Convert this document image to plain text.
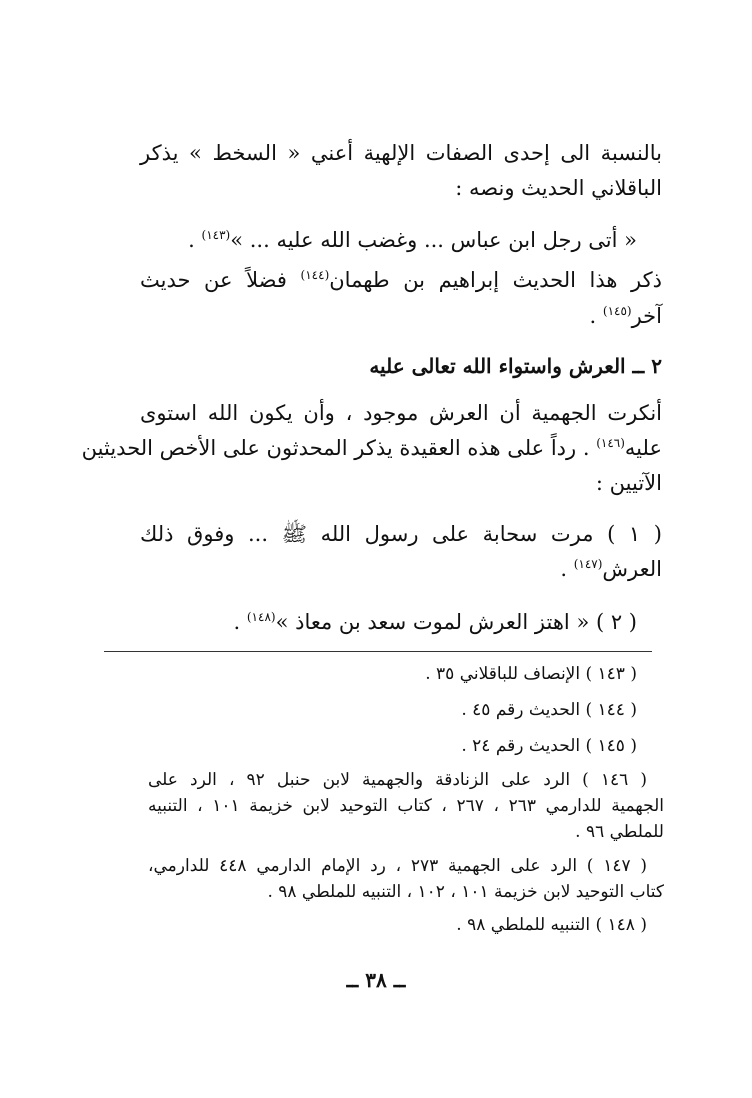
بالنسبة الى إحدى الصفات الإلهية أعني « السخط » يذكر
الباقلاني الحديث ونصه :
« أتى رجل ابن عباس ... وغضب الله عليه ... »$^{(١٤٣)}$ .
ذكر هذا الحديث إبراهيم بن طهمان$^{(١٤٤)}$ فضلاً عن حديث
آخر$^{(١٤٥)}$ .
٢ ــ العرش واستواء الله تعالى عليه
أنكرت الجهمية أن العرش موجود ، وأن يكون الله استوى
عليه$^{(١٤٦)}$ . رداً على هذه العقيدة يذكر المحدثون على الأخص الحديثين
الآتيين :
( ١ ) مرت سحابة على رسول الله ﷺ ... وفوق ذلك
العرش$^{(١٤٧)}$ .
( ٢ ) « اهتز العرش لموت سعد بن معاذ »$^{(١٤٨)}$ .
( ١٤٣ ) الإنصاف للباقلاني ٣٥ .
( ١٤٤ ) الحديث رقم ٤٥ .
( ١٤٥ ) الحديث رقم ٢٤ .
( ١٤٦ ) الرد على الزنادقة والجهمية لابن حنبل ٩٢ ، الرد على
الجهمية للدارمي ٢٦٣ ، ٢٦٧ ، كتاب التوحيد لابن خزيمة ١٠١ ، التنبيه
للملطي ٩٦ .
( ١٤٧ ) الرد على الجهمية ٢٧٣ ، رد الإمام الدارمي ٤٤٨ للدارمي،
كتاب التوحيد لابن خزيمة ١٠١ ، ١٠٢ ، التنبيه للملطي ٩٨ .
( ١٤٨ ) التنبيه للملطي ٩٨ .
ــ ٣٨ ــ
